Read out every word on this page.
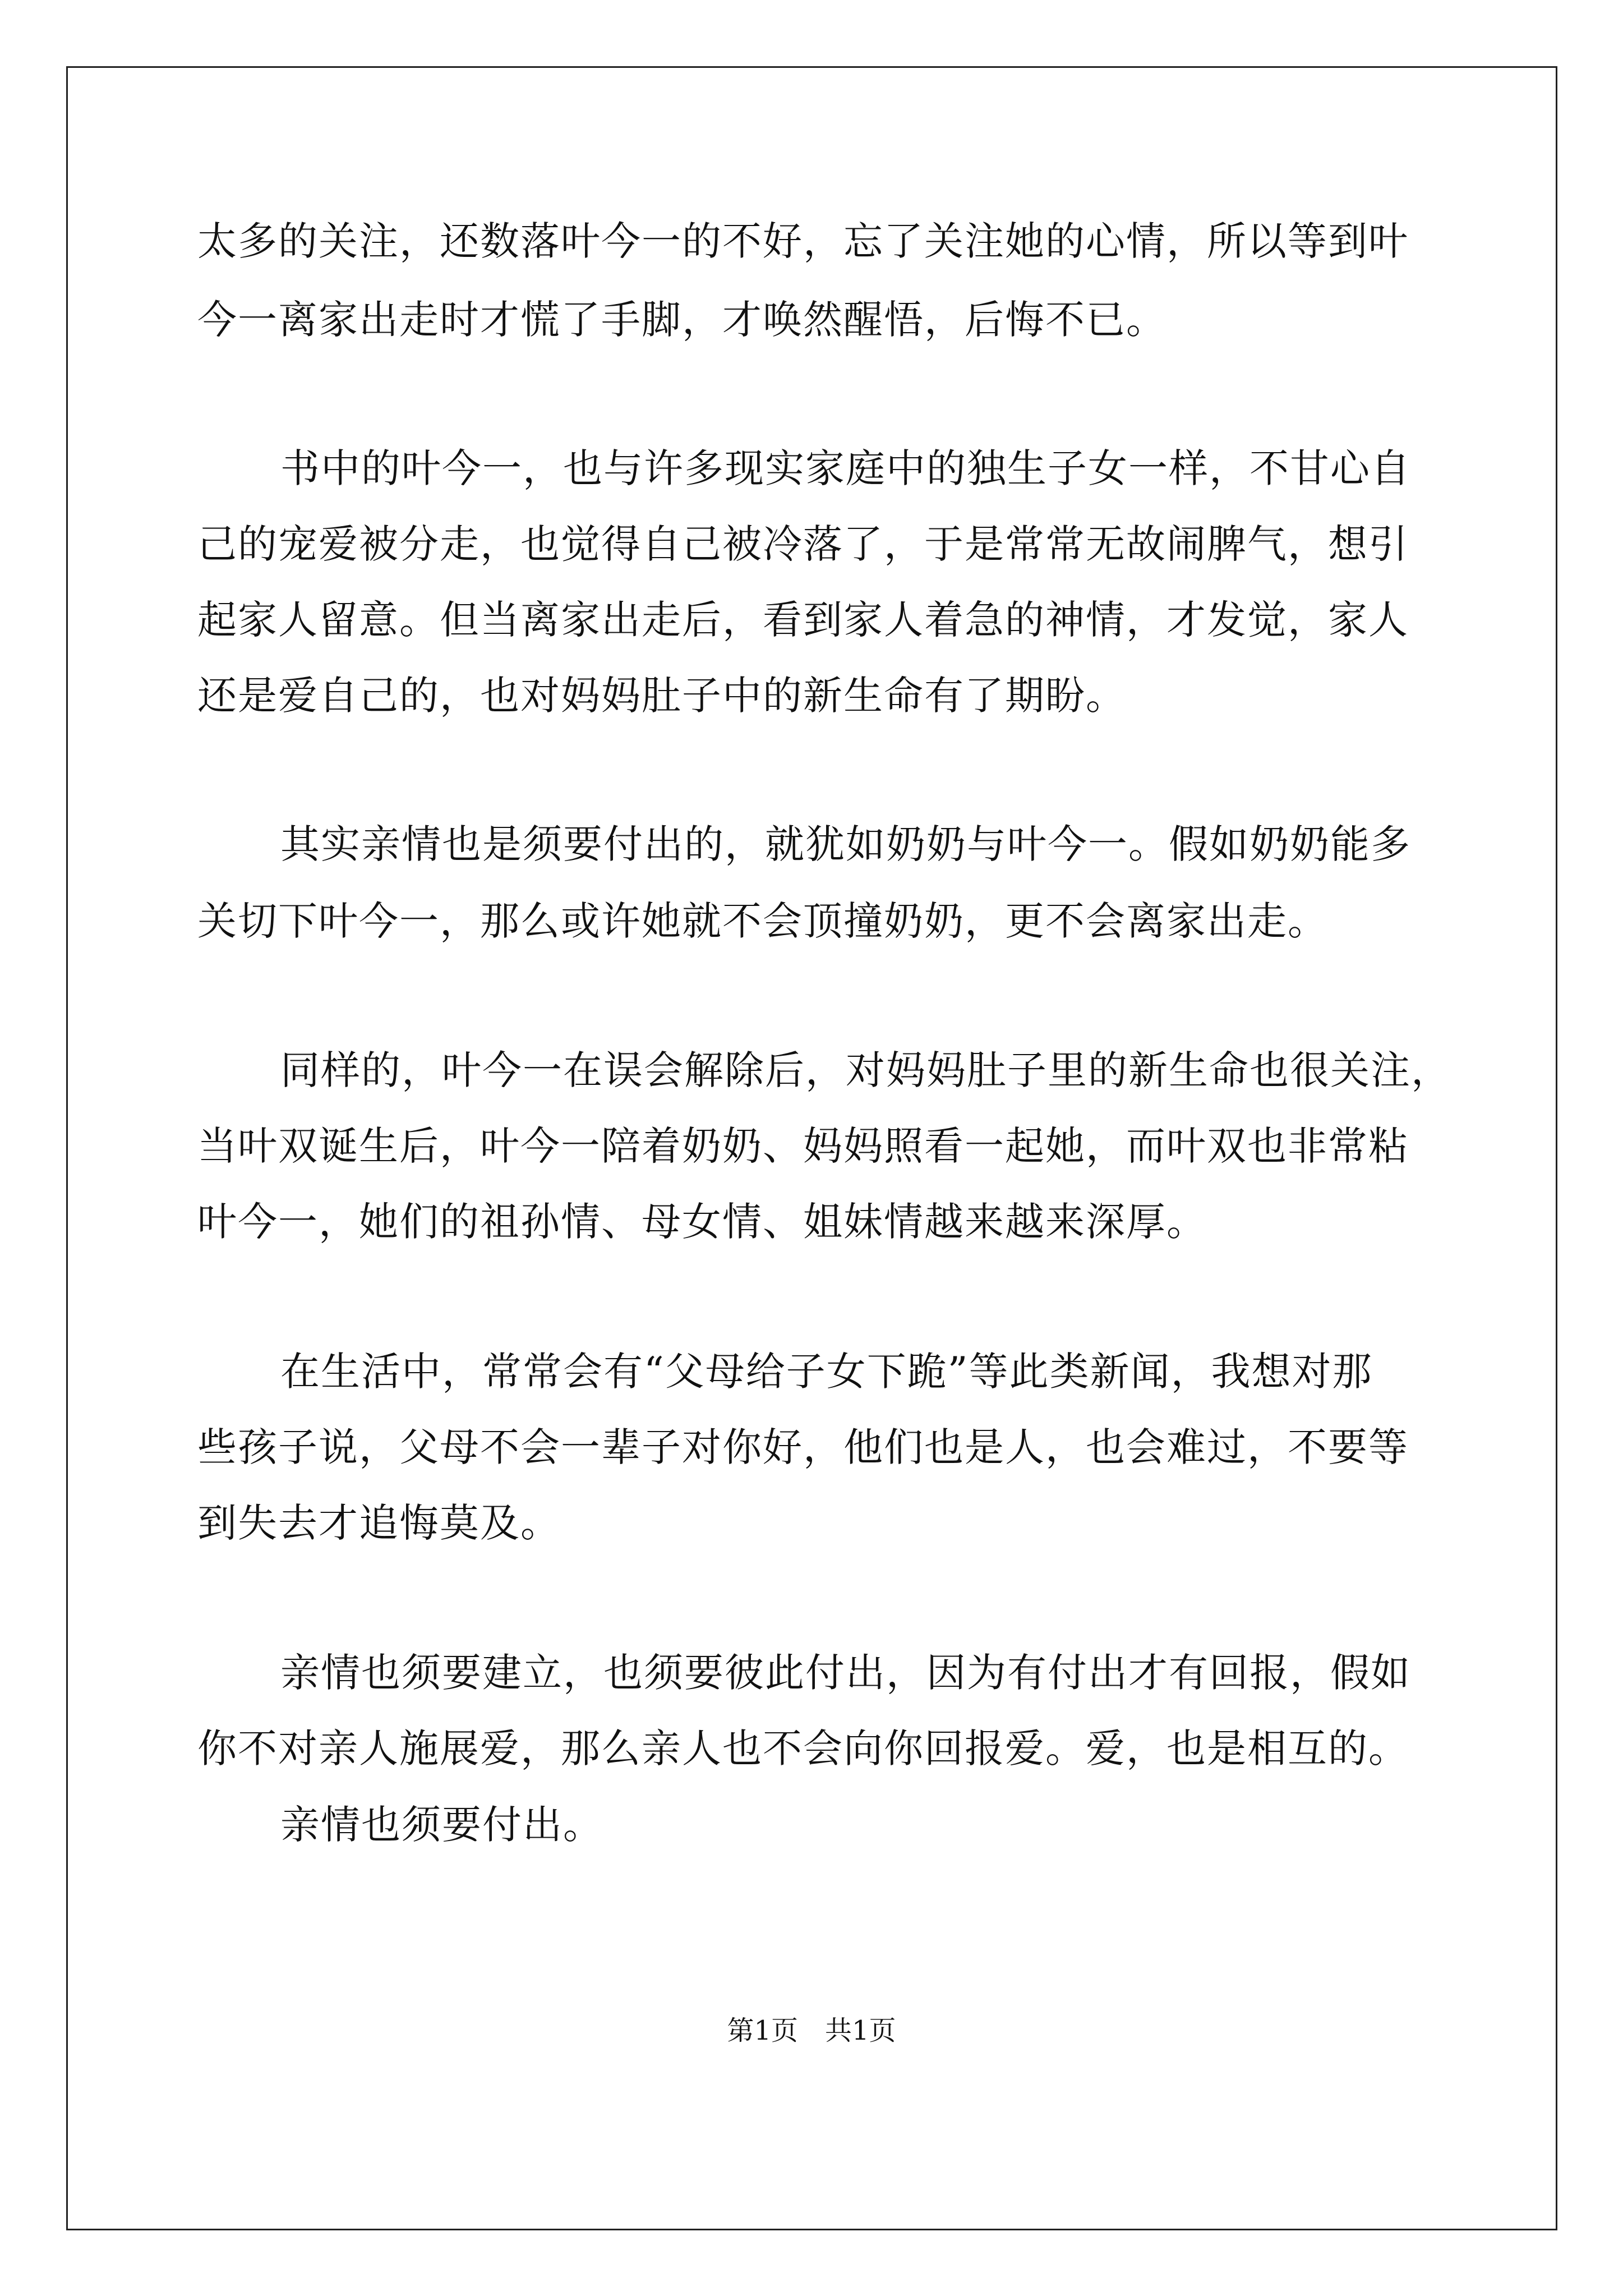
太多的关注，还数落叶今一的不好，忘了关注她的心情，所以等到叶
今一离家出走时才慌了手脚，才唤然醒悟，后悔不已。
书中的叶今一，也与许多现实家庭中的独生子女一样，不甘心自
己的宠爱被分走，也觉得自己被冷落了，于是常常无故闹脾气，想引
起家人留意。但当离家出走后，看到家人着急的神情，才发觉，家人
还是爱自己的，也对妈妈肚子中的新生命有了期盼。
其实亲情也是须要付出的，就犹如奶奶与叶今一。假如奶奶能多
关切下叶今一，那么或许她就不会顶撞奶奶，更不会离家出走。
同样的，叶今一在误会解除后，对妈妈肚子里的新生命也很关注，
当叶双诞生后，叶今一陪着奶奶、妈妈照看一起她，而叶双也非常粘
叶今一，她们的祖孙情、母女情、姐妹情越来越来深厚。
在生活中，常常会有“父母给子女下跪”等此类新闻，我想对那
些孩子说，父母不会一辈子对你好，他们也是人，也会难过，不要等
到失去才追悔莫及。
亲情也须要建立，也须要彼此付出，因为有付出才有回报，假如
你不对亲人施展爱，那么亲人也不会向你回报爱。爱，也是相互的。
亲情也须要付出。
第1页　共1页
